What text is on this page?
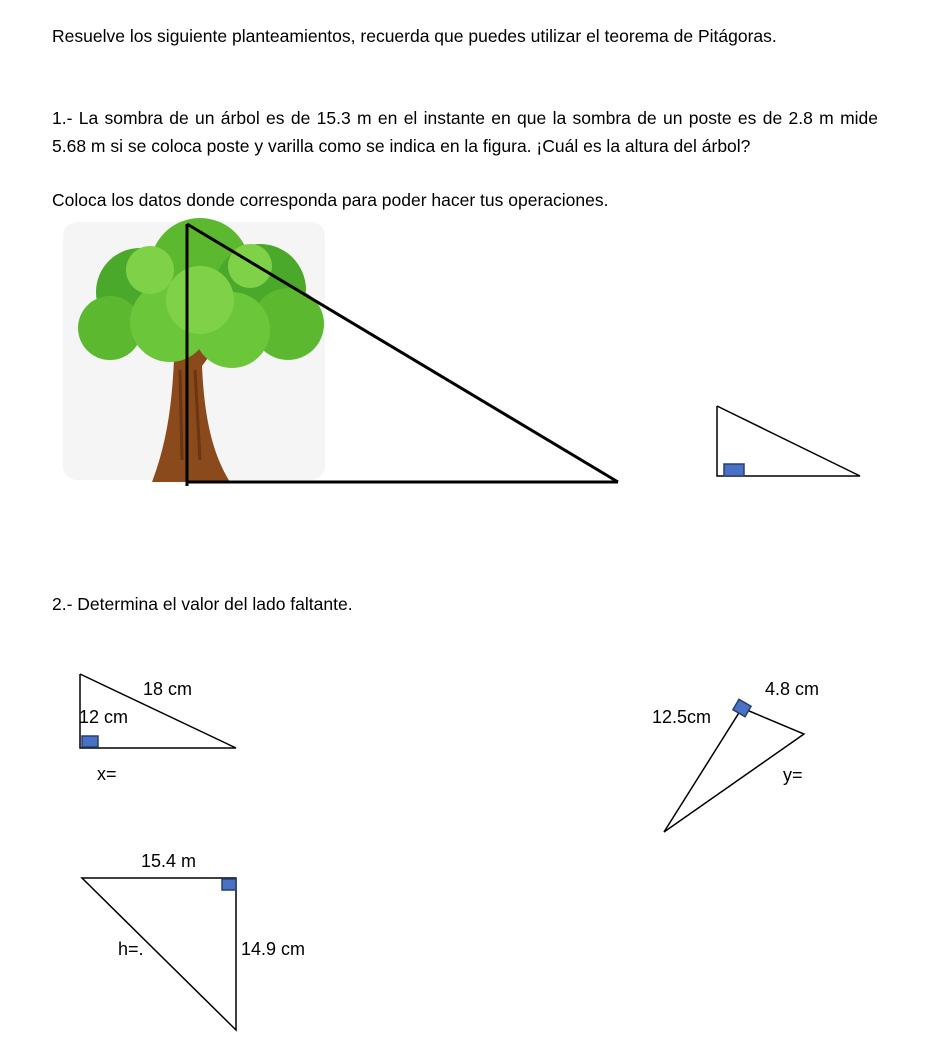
Resuelve los siguiente planteamientos, recuerda que puedes utilizar el teorema de Pitágoras.

1.- La sombra de un árbol es de 15.3 m en el instante en que la sombra de un poste es de 2.8 m mide 5.68 m si se coloca poste y varilla como se indica en la figura. ¡Cuál es la altura del árbol?

Coloca los datos donde corresponda para poder hacer tus operaciones.

2.- Determina el valor del lado faltante.

18 cm
12 cm
x=
4.8 cm
12.5cm
y=
15.4 m
h=.	14.9 cm
